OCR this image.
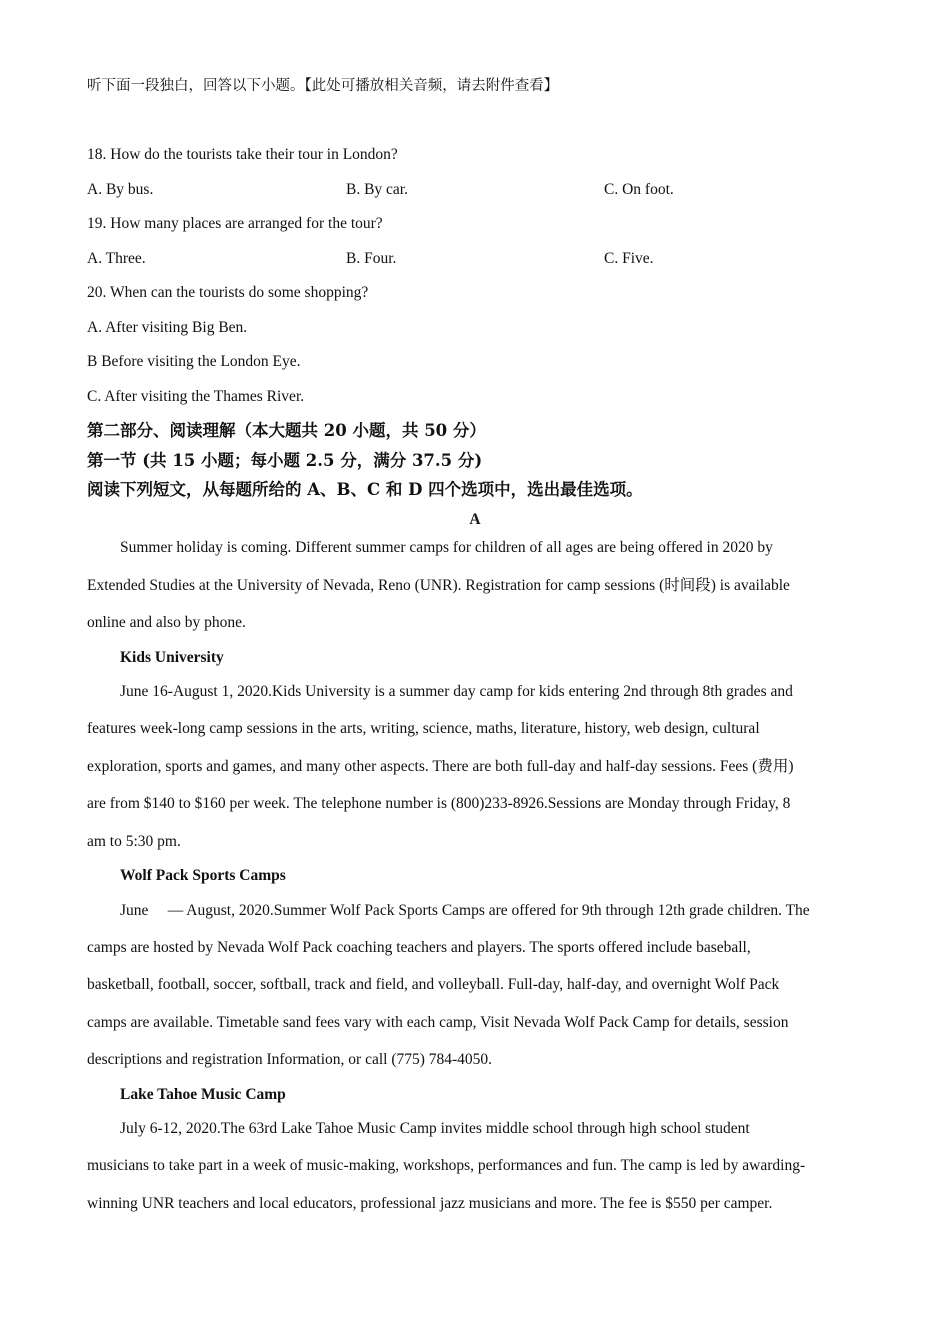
听下面一段独白，回答以下小题。【此处可播放相关音频，请去附件查看】
18. How do the tourists take their tour in London?
A. By bus.	B. By car.	C. On foot.
19. How many places are arranged for the tour?
A. Three.	B. Four.	C. Five.
20. When can the tourists do some shopping?
A. After visiting Big Ben.
B Before visiting the London Eye.
C. After visiting the Thames River.
第二部分、阅读理解（本大题共 20 小题，共 50 分）
第一节 (共 15 小题；每小题 2.5 分，满分 37.5 分)
阅读下列短文，从每题所给的 A、B、C 和 D 四个选项中，选出最佳选项。
A
Summer holiday is coming. Different summer camps for children of all ages are being offered in 2020 by
Extended Studies at the University of Nevada, Reno (UNR). Registration for camp sessions (时间段) is available
online and also by phone.
Kids University
June 16-August 1, 2020.Kids University is a summer day camp for kids entering 2nd through 8th grades and
features week-long camp sessions in the arts, writing, science, maths, literature, history, web design, cultural
exploration, sports and games, and many other aspects. There are both full-day and half-day sessions. Fees (费用)
are from $140 to $160 per week. The telephone number is (800)233-8926.Sessions are Monday through Friday, 8
am to 5:30 pm.
Wolf Pack Sports Camps
June     — August, 2020.Summer Wolf Pack Sports Camps are offered for 9th through 12th grade children. The
camps are hosted by Nevada Wolf Pack coaching teachers and players. The sports offered include baseball,
basketball, football, soccer, softball, track and field, and volleyball. Full-day, half-day, and overnight Wolf Pack
camps are available. Timetable sand fees vary with each camp, Visit Nevada Wolf Pack Camp for details, session
descriptions and registration Information, or call (775) 784-4050.
Lake Tahoe Music Camp
July 6-12, 2020.The 63rd Lake Tahoe Music Camp invites middle school through high school student
musicians to take part in a week of music-making, workshops, performances and fun. The camp is led by awarding-
winning UNR teachers and local educators, professional jazz musicians and more. The fee is $550 per camper.
